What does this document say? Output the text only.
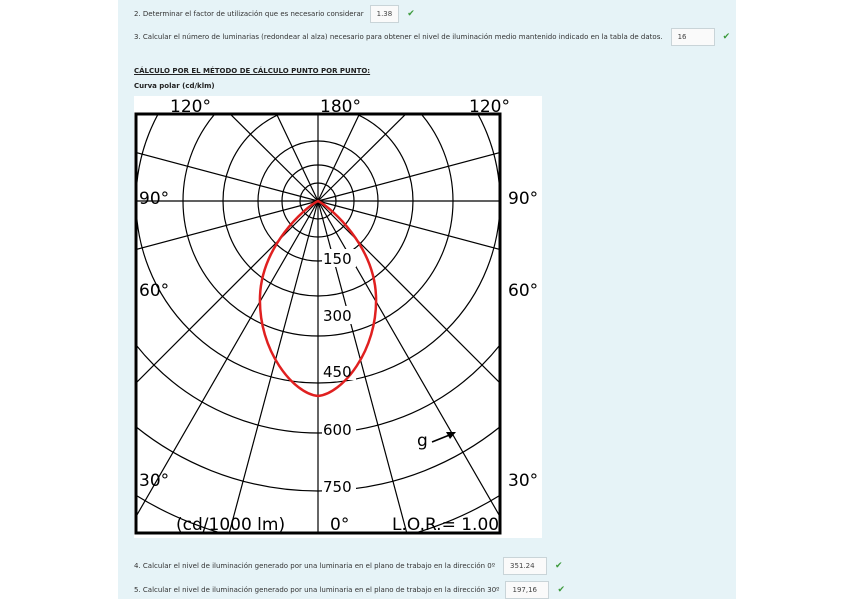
2. Determinar el factor de utilización que es necesario considerar	1.38	✔
3. Calcular el número de luminarias (redondear al alza) necesario para obtener el nivel de iluminación medio mantenido indicado en la tabla de datos.	16	✔
CÁLCULO POR EL MÉTODO DE CÁLCULO PUNTO POR PUNTO:
Curva polar (cd/klm)
120°	180°	120°
90°	90°
60°	60°
30°	30°
150
300
450
600
750
g
(cd/1000 lm)	0°	L.O.R.= 1.00
4. Calcular el nivel de iluminación generado por una luminaria en el plano de trabajo en la dirección 0º	351.24	✔
5. Calcular el nivel de iluminación generado por una luminaria en el plano de trabajo en la dirección 30º	197,16	✔
